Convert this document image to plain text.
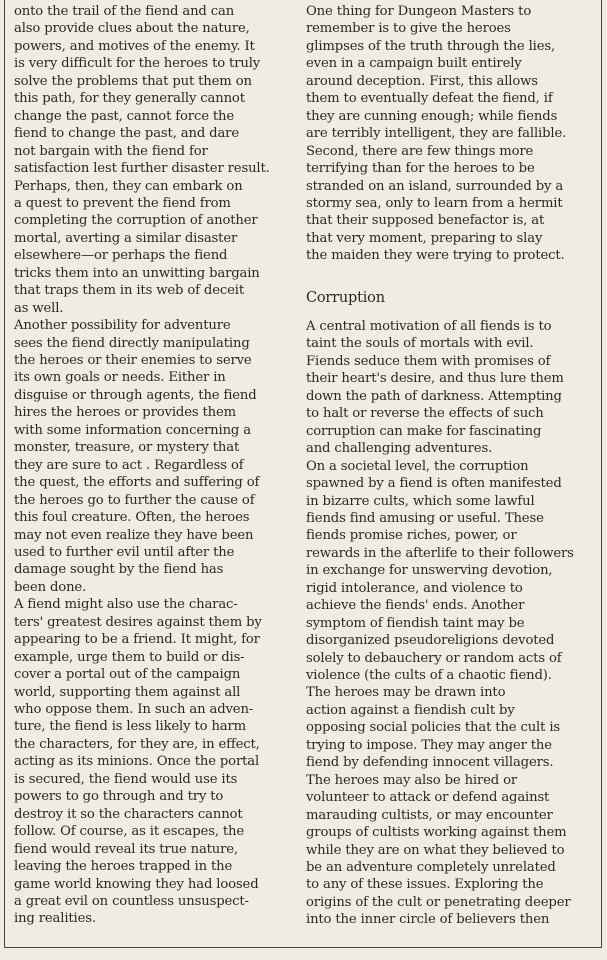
onto the trail of the fiend and can
also provide clues about the nature,
powers, and motives of the enemy. It
is very difficult for the heroes to truly
solve the problems that put them on
this path, for they generally cannot
change the past, cannot force the
fiend to change the past, and dare
not bargain with the fiend for
satisfaction lest further disaster result.
Perhaps, then, they can embark on
a quest to prevent the fiend from
completing the corruption of another
mortal, averting a similar disaster
elsewhere—or perhaps the fiend
tricks them into an unwitting bargain
that traps them in its web of deceit
as well.
Another possibility for adventure
sees the fiend directly manipulating
the heroes or their enemies to serve
its own goals or needs. Either in
disguise or through agents, the fiend
hires the heroes or provides them
with some information concerning a
monster, treasure, or mystery that
they are sure to act . Regardless of
the quest, the efforts and suffering of
the heroes go to further the cause of
this foul creature. Often, the heroes
may not even realize they have been
used to further evil until after the
damage sought by the fiend has
been done.
A fiend might also use the charac-
ters' greatest desires against them by
appearing to be a friend. It might, for
example, urge them to build or dis-
cover a portal out of the campaign
world, supporting them against all
who oppose them. In such an adven-
ture, the fiend is less likely to harm
the characters, for they are, in effect,
acting as its minions. Once the portal
is secured, the fiend would use its
powers to go through and try to
destroy it so the characters cannot
follow. Of course, as it escapes, the
fiend would reveal its true nature,
leaving the heroes trapped in the
game world knowing they had loosed
a great evil on countless unsuspect-
ing realities.
One thing for Dungeon Masters to
remember is to give the heroes
glimpses of the truth through the lies,
even in a campaign built entirely
around deception. First, this allows
them to eventually defeat the fiend, if
they are cunning enough; while fiends
are terribly intelligent, they are fallible.
Second, there are few things more
terrifying than for the heroes to be
stranded on an island, surrounded by a
stormy sea, only to learn from a hermit
that their supposed benefactor is, at
that very moment, preparing to slay
the maiden they were trying to protect.
Corruption
A central motivation of all fiends is to
taint the souls of mortals with evil.
Fiends seduce them with promises of
their heart's desire, and thus lure them
down the path of darkness. Attempting
to halt or reverse the effects of such
corruption can make for fascinating
and challenging adventures.
On a societal level, the corruption
spawned by a fiend is often manifested
in bizarre cults, which some lawful
fiends find amusing or useful. These
fiends promise riches, power, or
rewards in the afterlife to their followers
in exchange for unswerving devotion,
rigid intolerance, and violence to
achieve the fiends' ends. Another
symptom of fiendish taint may be
disorganized pseudoreligions devoted
solely to debauchery or random acts of
violence (the cults of a chaotic fiend).
The heroes may be drawn into
action against a fiendish cult by
opposing social policies that the cult is
trying to impose. They may anger the
fiend by defending innocent villagers.
The heroes may also be hired or
volunteer to attack or defend against
marauding cultists, or may encounter
groups of cultists working against them
while they are on what they believed to
be an adventure completely unrelated
to any of these issues. Exploring the
origins of the cult or penetrating deeper
into the inner circle of believers then
